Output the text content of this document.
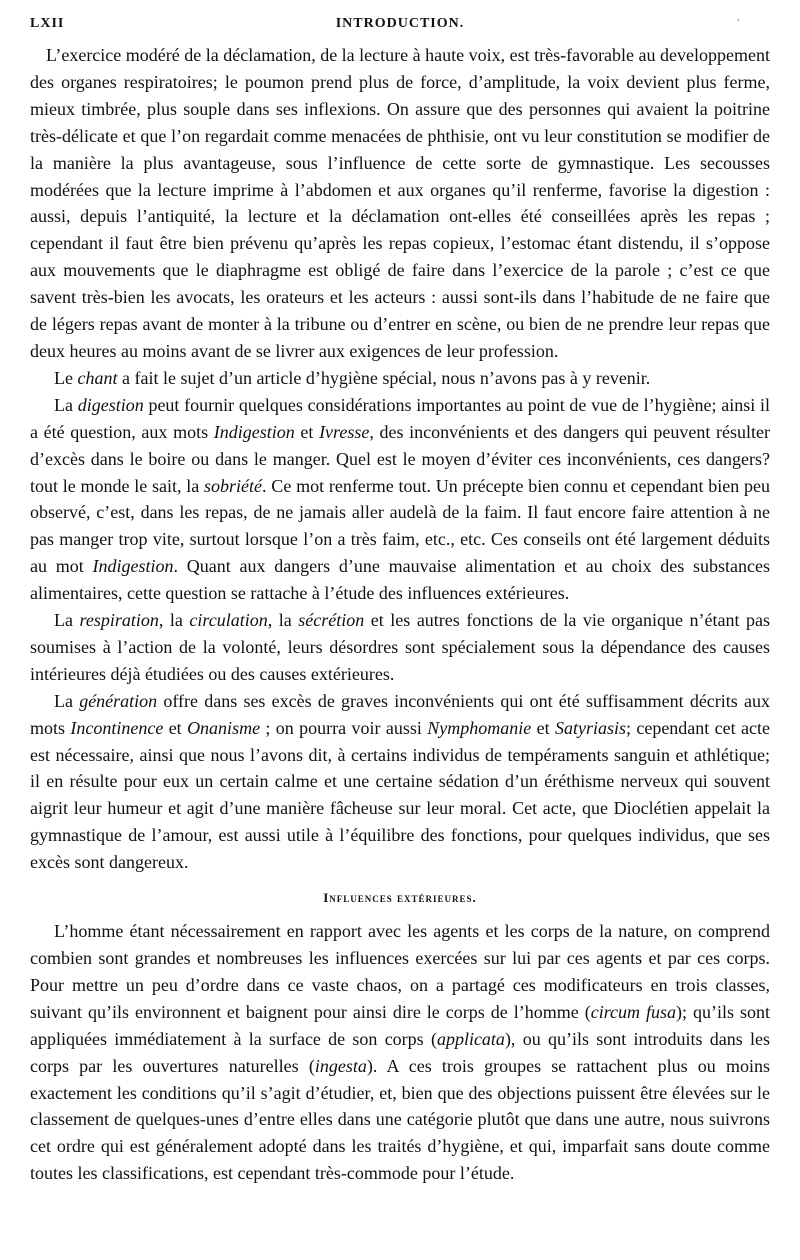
LXII	INTRODUCTION.	'

L’exercice modéré de la déclamation, de la lecture à haute voix, est très-favorable au developpement des organes respiratoires; le poumon prend plus de force, d’amplitude, la voix devient plus ferme, mieux timbrée, plus souple dans ses inflexions. On assure que des personnes qui avaient la poitrine très-délicate et que l’on regardait comme menacées de phthisie, ont vu leur constitution se modifier de la manière la plus avantageuse, sous l’influence de cette sorte de gymnastique. Les secousses modérées que la lecture imprime à l’abdomen et aux organes qu’il renferme, favorise la digestion : aussi, depuis l’antiquité, la lecture et la déclamation ont-elles été conseillées après les repas ; cependant il faut être bien prévenu qu’après les repas copieux, l’estomac étant distendu, il s’oppose aux mouvements que le diaphragme est obligé de faire dans l’exercice de la parole ; c’est ce que savent très-bien les avocats, les orateurs et les acteurs : aussi sont-ils dans l’habitude de ne faire que de légers repas avant de monter à la tribune ou d’entrer en scène, ou bien de ne prendre leur repas que deux heures au moins avant de se livrer aux exigences de leur profession.

Le chant a fait le sujet d’un article d’hygiène spécial, nous n’avons pas à y revenir.

La digestion peut fournir quelques considérations importantes au point de vue de l’hygiène; ainsi il a été question, aux mots Indigestion et Ivresse, des inconvénients et des dangers qui peuvent résulter d’excès dans le boire ou dans le manger. Quel est le moyen d’éviter ces inconvénients, ces dangers? tout le monde le sait, la sobriété. Ce mot renferme tout. Un précepte bien connu et cependant bien peu observé, c’est, dans les repas, de ne jamais aller audelà de la faim. Il faut encore faire attention à ne pas manger trop vite, surtout lorsque l’on a très faim, etc., etc. Ces conseils ont été largement déduits au mot Indigestion. Quant aux dangers d’une mauvaise alimentation et au choix des substances alimentaires, cette question se rattache à l’étude des influences extérieures.

La respiration, la circulation, la sécrétion et les autres fonctions de la vie organique n’étant pas soumises à l’action de la volonté, leurs désordres sont spécialement sous la dépendance des causes intérieures déjà étudiées ou des causes extérieures.

La génération offre dans ses excès de graves inconvénients qui ont été suffisamment décrits aux mots Incontinence et Onanisme ; on pourra voir aussi Nymphomanie et Satyriasis; cependant cet acte est nécessaire, ainsi que nous l’avons dit, à certains individus de tempéraments sanguin et athlétique; il en résulte pour eux un certain calme et une certaine sédation d’un éréthisme nerveux qui souvent aigrit leur humeur et agit d’une manière fâcheuse sur leur moral. Cet acte, que Dioclétien appelait la gymnastique de l’amour, est aussi utile à l’équilibre des fonctions, pour quelques individus, que ses excès sont dangereux.

Influences extérieures.

L’homme étant nécessairement en rapport avec les agents et les corps de la nature, on comprend combien sont grandes et nombreuses les influences exercées sur lui par ces agents et par ces corps. Pour mettre un peu d’ordre dans ce vaste chaos, on a partagé ces modificateurs en trois classes, suivant qu’ils environnent et baignent pour ainsi dire le corps de l’homme (circum fusa); qu’ils sont appliquées immédiatement à la surface de son corps (applicata), ou qu’ils sont introduits dans les corps par les ouvertures naturelles (ingesta). A ces trois groupes se rattachent plus ou moins exactement les conditions qu’il s’agit d’étudier, et, bien que des objections puissent être élevées sur le classement de quelques-unes d’entre elles dans une catégorie plutôt que dans une autre, nous suivrons cet ordre qui est généralement adopté dans les traités d’hygiène, et qui, imparfait sans doute comme toutes les classifications, est cependant très-commode pour l’étude.
